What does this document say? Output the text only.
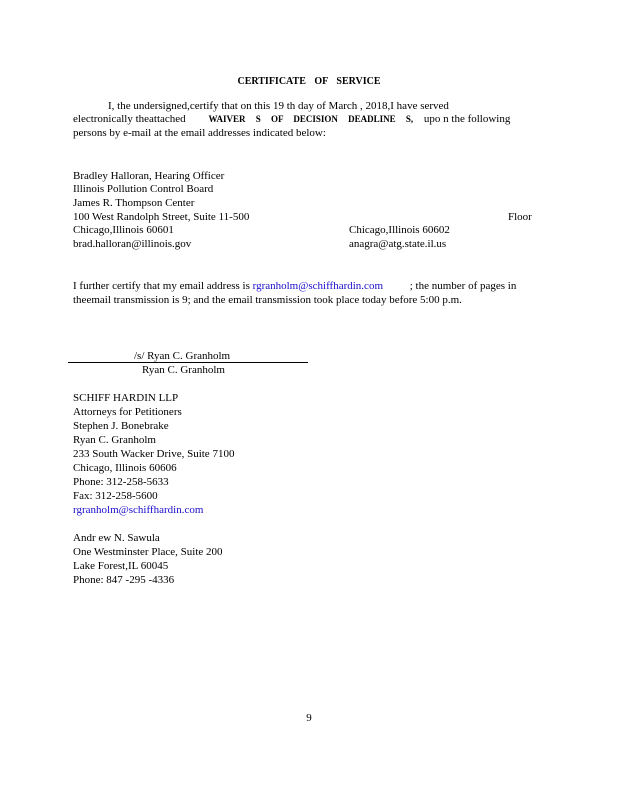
CERTIFICATE OF SERVICE
I, the undersigned,certify that on this 19 th day of March , 2018,I have served
electronically theattached	WAIVER S OF DECISION DEADLINE S, upo n the following
persons by e-mail at the email addresses indicated below:
Bradley Halloran, Hearing Officer
Illinois Pollution Control Board
James R. Thompson Center
100 West Randolph Street, Suite 11-500	Floor
Chicago,Illinois 60601	Chicago,Illinois 60602
brad.halloran@illinois.gov	anagra@atg.state.il.us
I further certify that my email address is rgranholm@schiffhardin.com ; the number of pages in
theemail transmission is 9; and the email transmission took place today before 5:00 p.m.
/s/ Ryan C. Granholm
Ryan C. Granholm
SCHIFF HARDIN LLP
Attorneys for Petitioners
Stephen J. Bonebrake
Ryan C. Granholm
233 South Wacker Drive, Suite 7100
Chicago, Illinois 60606
Phone: 312-258-5633
Fax: 312-258-5600
rgranholm@schiffhardin.com
Andr ew N. Sawula
One Westminster Place, Suite 200
Lake Forest,IL 60045
Phone: 847 -295 -4336
9
